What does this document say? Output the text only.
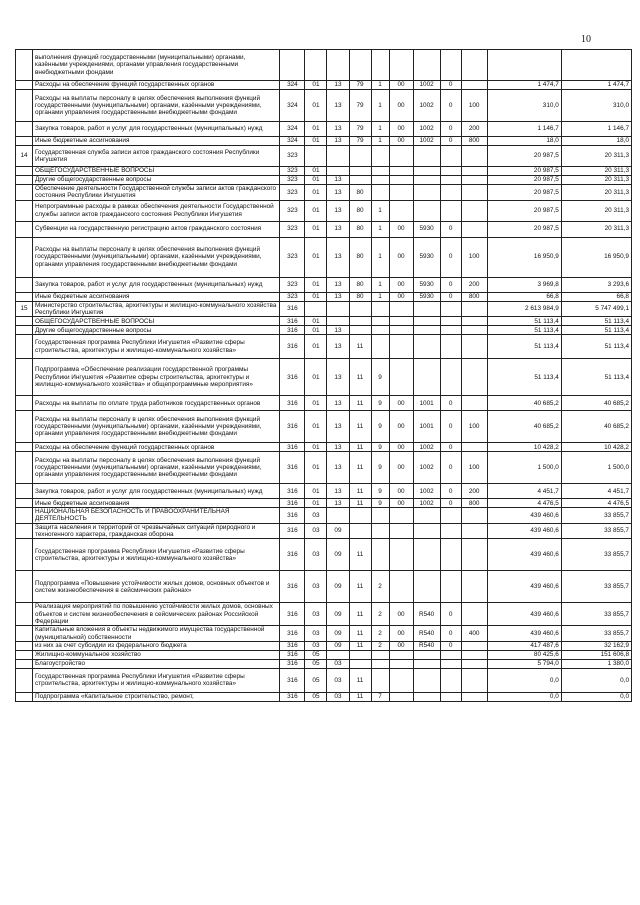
10
	выполнения функций государственными (муниципальными) органами, казёнными учреждениями, органами управления государственными внебюджетными фондами											
	Расходы на обеспечение функций государственных органов	324	01	13	79	1	00	1002	0		1 474,7	1 474,7
	Расходы на выплаты персоналу в целях обеспечения выполнения функций государственными (муниципальными) органами, казёнными учреждениями, органами управления государственными внебюджетными фондами	324	01	13	79	1	00	1002	0	100	310,0	310,0
	Закупка товаров, работ и услуг для государственных (муниципальных) нужд	324	01	13	79	1	00	1002	0	200	1 146,7	1 146,7
	Иные бюджетные ассигнования	324	01	13	79	1	00	1002	0	800	18,0	18,0
14	Государственная служба записи актов гражданского состояния Республики Ингушетия	323									20 987,5	20 311,3
	ОБЩЕГОСУДАРСТВЕННЫЕ ВОПРОСЫ	323	01								20 987,5	20 311,3
	Другие общегосударственные вопросы	323	01	13							20 987,5	20 311,3
	Обеспечение деятельности Государственной службы записи актов гражданского состояния Республики Ингушетия	323	01	13	80						20 987,5	20 311,3
	Непрограммные расходы в рамках обеспечения деятельности Государственной службы записи актов гражданского состояния Республики Ингушетия	323	01	13	80	1					20 987,5	20 311,3
	Субвенции на государственную регистрацию актов гражданского состояния	323	01	13	80	1	00	5930	0		20 987,5	20 311,3
	Расходы на выплаты персоналу в целях обеспечения выполнения функций государственными (муниципальными) органами, казёнными учреждениями, органами управления государственными внебюджетными фондами	323	01	13	80	1	00	5930	0	100	16 950,9	16 950,9
	Закупка товаров, работ и услуг для государственных (муниципальных) нужд	323	01	13	80	1	00	5930	0	200	3 969,8	3 293,6
	Иные бюджетные ассигнования	323	01	13	80	1	00	5930	0	800	66,8	66,8
15	Министерство строительства, архитектуры и жилищно-коммунального хозяйства Республики Ингушетия	316									2 613 984,9	5 747 499,1
	ОБЩЕГОСУДАРСТВЕННЫЕ ВОПРОСЫ	316	01								51 113,4	51 113,4
	Другие общегосударственные вопросы	316	01	13							51 113,4	51 113,4
	Государственная программа Республики Ингушетия «Развитие сферы строительства, архитектуры и жилищно-коммунального хозяйства»	316	01	13	11						51 113,4	51 113,4
	Подпрограмма «Обеспечение реализации государственной программы Республики Ингушетия «Развитие сферы строительства, архитектуры и жилищно-коммунального хозяйства» и общепрограммные мероприятия»	316	01	13	11	9					51 113,4	51 113,4
	Расходы на выплаты по оплате труда работников государственных органов	316	01	13	11	9	00	1001	0		40 685,2	40 685,2
	Расходы на выплаты персоналу в целях обеспечения выполнения функций государственными (муниципальными) органами, казёнными учреждениями, органами управления государственными внебюджетными фондами	316	01	13	11	9	00	1001	0	100	40 685,2	40 685,2
	Расходы на обеспечение функций государственных органов	316	01	13	11	9	00	1002	0		10 428,2	10 428,2
	Расходы на выплаты персоналу в целях обеспечения выполнения функций государственными (муниципальными) органами, казёнными учреждениями, органами управления государственными внебюджетными фондами	316	01	13	11	9	00	1002	0	100	1 500,0	1 500,0
	Закупка товаров, работ и услуг для государственных (муниципальных) нужд	316	01	13	11	9	00	1002	0	200	4 451,7	4 451,7
	Иные бюджетные ассигнования	316	01	13	11	9	00	1002	0	800	4 476,5	4 476,5
	НАЦИОНАЛЬНАЯ БЕЗОПАСНОСТЬ И ПРАВООХРАНИТЕЛЬНАЯ ДЕЯТЕЛЬНОСТЬ	316	03								439 460,6	33 855,7
	Защита населения и территорий от чрезвычайных ситуаций природного и техногенного характера, гражданская оборона	316	03	09							439 460,6	33 855,7
	Государственная программа Республики Ингушетия «Развитие сферы строительства, архитектуры и жилищно-коммунального хозяйства»	316	03	09	11						439 460,6	33 855,7
	Подпрограмма «Повышение устойчивости жилых домов, основных объектов и систем жизнеобеспечения в сейсмических районах»	316	03	09	11	2					439 460,6	33 855,7
	Реализация мероприятий по повышению устойчивости жилых домов, основных объектов и систем жизнеобеспечения в сейсмических районах Российской Федерации	316	03	09	11	2	00	R540	0		439 460,6	33 855,7
	Капитальные вложения в объекты недвижимого имущества государственной (муниципальной) собственности	316	03	09	11	2	00	R540	0	400	439 460,6	33 855,7
	из них за счет субсидии из федерального бюджета	316	03	09	11	2	00	R540	0		417 487,6	32 162,9
	Жилищно-коммунальное хозяйство	316	05								80 425,6	151 606,8
	Благоустройство	316	05	03							5 794,0	1 380,0
	Государственная программа Республики Ингушетия «Развитие сферы строительства, архитектуры и жилищно-коммунального хозяйства»	316	05	03	11						0,0	0,0
	Подпрограмма «Капитальное строительство, ремонт,	316	05	03	11	7					0,0	0,0
